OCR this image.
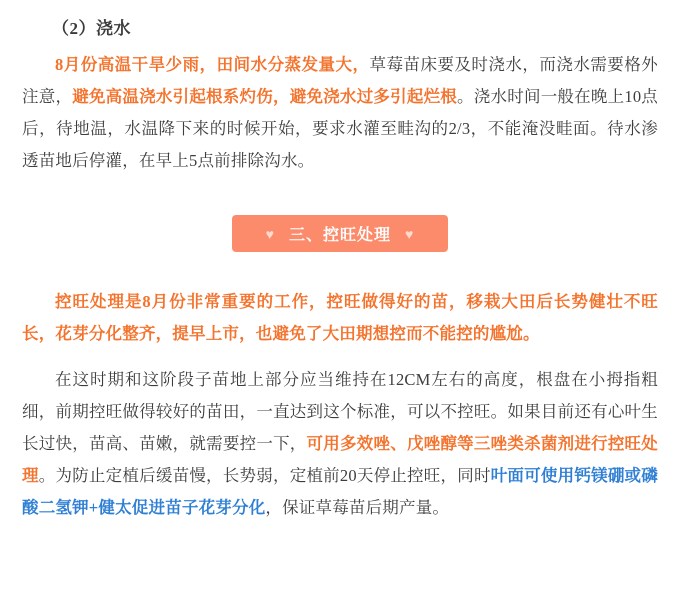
（2）浇水

8月份高温干旱少雨，田间水分蒸发量大，草莓苗床要及时浇水，而浇水需要格外注意，避免高温浇水引起根系灼伤，避免浇水过多引起烂根。浇水时间一般在晚上10点后，待地温，水温降下来的时候开始，要求水灌至畦沟的2/3，不能淹没畦面。待水渗透苗地后停灌，在早上5点前排除沟水。

♥ 三、控旺处理 ♥

控旺处理是8月份非常重要的工作，控旺做得好的苗，移栽大田后长势健壮不旺长，花芽分化整齐，提早上市，也避免了大田期想控而不能控的尴尬。

在这时期和这阶段子苗地上部分应当维持在12CM左右的高度，根盘在小拇指粗细，前期控旺做得较好的苗田，一直达到这个标准，可以不控旺。如果目前还有心叶生长过快，苗高、苗嫩，就需要控一下，可用多效唑、戊唑醇等三唑类杀菌剂进行控旺处理。为防止定植后缓苗慢，长势弱，定植前20天停止控旺，同时叶面可使用钙镁硼或磷酸二氢钾+健太促进苗子花芽分化，保证草莓苗后期产量。
